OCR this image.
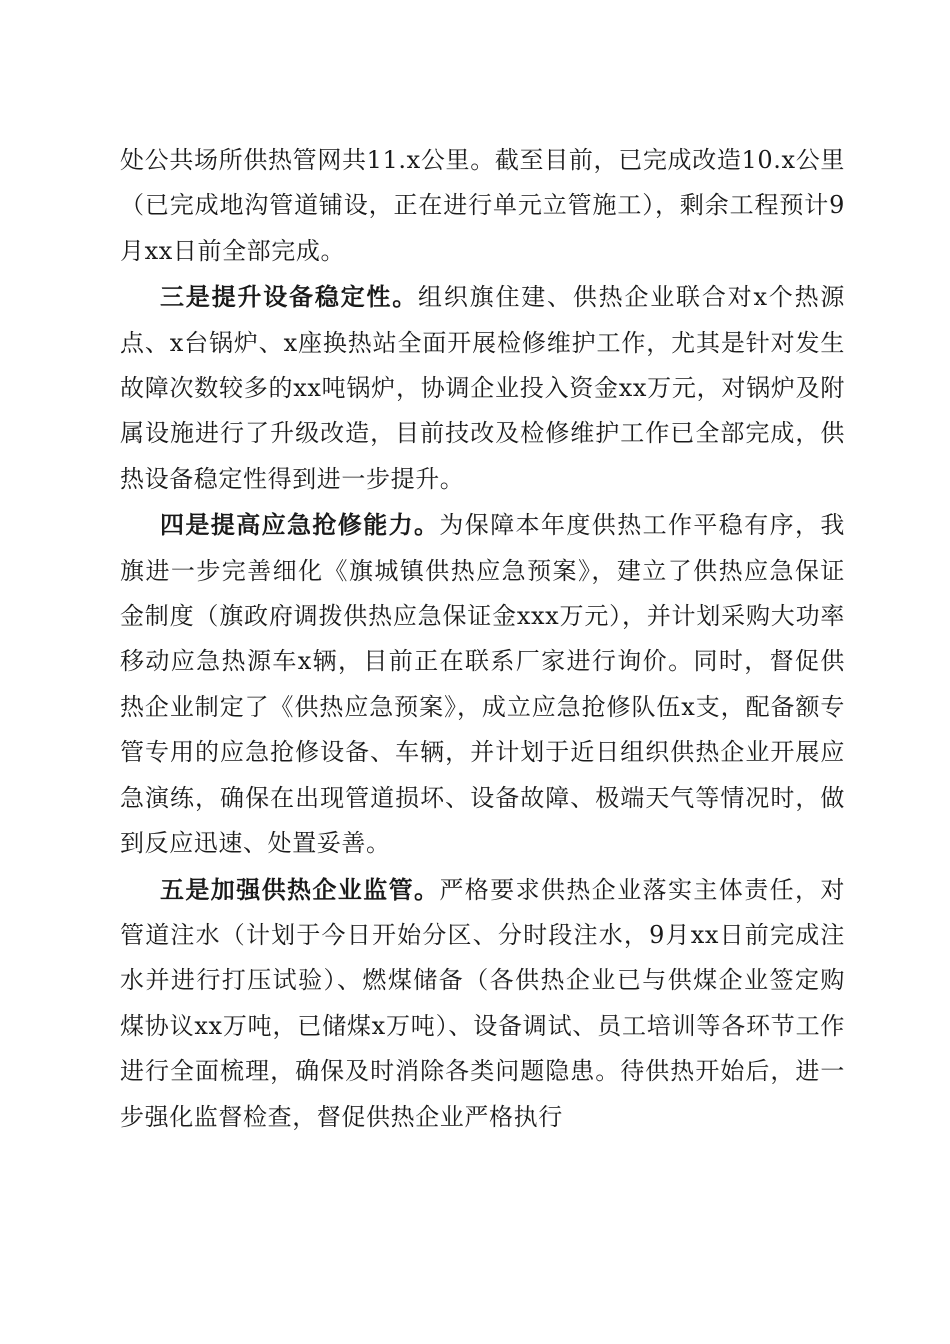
处公共场所供热管网共11.x公里。截至目前，已完成改造10.x公里（已完成地沟管道铺设，正在进行单元立管施工），剩余工程预计9月xx日前全部完成。

三是提升设备稳定性。组织旗住建、供热企业联合对x个热源点、x台锅炉、x座换热站全面开展检修维护工作，尤其是针对发生故障次数较多的xx吨锅炉，协调企业投入资金xx万元，对锅炉及附属设施进行了升级改造，目前技改及检修维护工作已全部完成，供热设备稳定性得到进一步提升。

四是提高应急抢修能力。为保障本年度供热工作平稳有序，我旗进一步完善细化《旗城镇供热应急预案》，建立了供热应急保证金制度（旗政府调拨供热应急保证金xxx万元），并计划采购大功率移动应急热源车x辆，目前正在联系厂家进行询价。同时，督促供热企业制定了《供热应急预案》，成立应急抢修队伍x支，配备额专管专用的应急抢修设备、车辆，并计划于近日组织供热企业开展应急演练，确保在出现管道损坏、设备故障、极端天气等情况时，做到反应迅速、处置妥善。

五是加强供热企业监管。严格要求供热企业落实主体责任，对管道注水（计划于今日开始分区、分时段注水，9月xx日前完成注水并进行打压试验）、燃煤储备（各供热企业已与供煤企业签定购煤协议xx万吨，已储煤x万吨）、设备调试、员工培训等各环节工作进行全面梳理，确保及时消除各类问题隐患。待供热开始后，进一步强化监督检查，督促供热企业严格执行
